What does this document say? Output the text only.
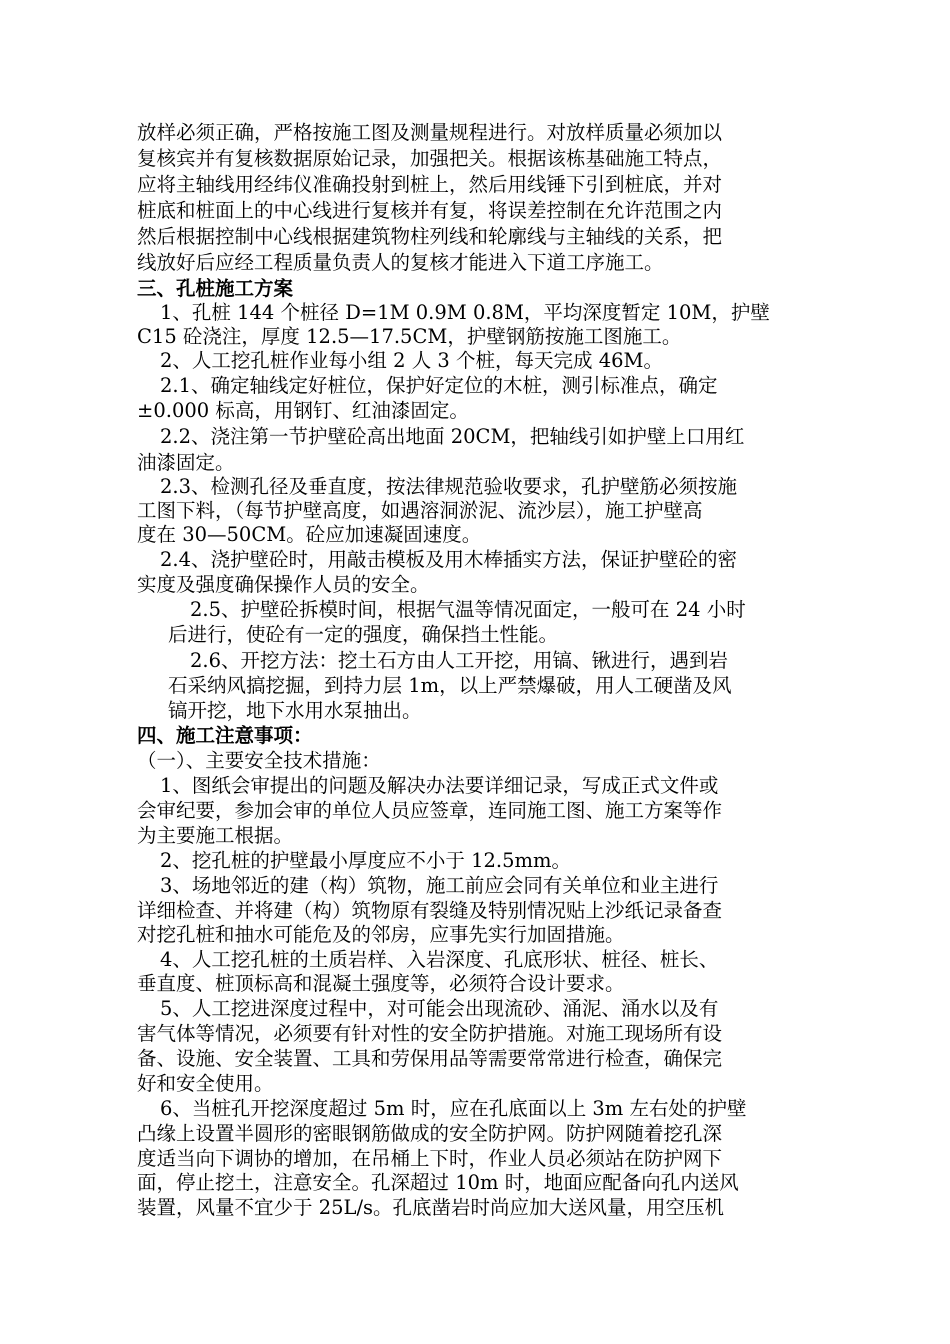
放样必须正确，严格按施工图及测量规程进行。对放样质量必须加以
复核宾并有复核数据原始记录，加强把关。根据该栋基础施工特点，
应将主轴线用经纬仪准确投射到桩上，然后用线锤下引到桩底，并对
桩底和桩面上的中心线进行复核并有复，将误差控制在允许范围之内
然后根据控制中心线根据建筑物柱列线和轮廓线与主轴线的关系，把
线放好后应经工程质量负责人的复核才能进入下道工序施工。
三、孔桩施工方案
1、孔桩 144 个桩径 D=1M 0.9M 0.8M，平均深度暂定 10M，护壁
C15 砼浇注，厚度 12.5—17.5CM，护壁钢筋按施工图施工。
2、人工挖孔桩作业每小组 2 人 3 个桩，每天完成 46M。
2.1、确定轴线定好桩位，保护好定位的木桩，测引标准点，确定
±0.000 标高，用钢钉、红油漆固定。
2.2、浇注第一节护壁砼高出地面 20CM，把轴线引如护壁上口用红
油漆固定。
2.3、检测孔径及垂直度，按法律规范验收要求，孔护壁筋必须按施
工图下料，（每节护壁高度，如遇溶洞淤泥、流沙层），施工护壁高
度在 30—50CM。砼应加速凝固速度。
2.4、浇护壁砼时，用敲击模板及用木棒插实方法，保证护壁砼的密
实度及强度确保操作人员的安全。
2.5、护壁砼拆模时间，根据气温等情况面定，一般可在 24 小时
后进行，使砼有一定的强度，确保挡土性能。
2.6、开挖方法：挖土石方由人工开挖，用镐、锹进行，遇到岩
石采纳风搞挖掘，到持力层 1m，以上严禁爆破，用人工硬凿及风
镐开挖，地下水用水泵抽出。
四、施工注意事项：
（一）、主要安全技术措施：
1、图纸会审提出的问题及解决办法要详细记录，写成正式文件或
会审纪要，参加会审的单位人员应签章，连同施工图、施工方案等作
为主要施工根据。
2、挖孔桩的护壁最小厚度应不小于 12.5mm。
3、场地邻近的建（构）筑物，施工前应会同有关单位和业主进行
详细检查、并将建（构）筑物原有裂缝及特别情况贴上沙纸记录备查
对挖孔桩和抽水可能危及的邻房，应事先实行加固措施。
4、人工挖孔桩的土质岩样、入岩深度、孔底形状、桩径、桩长、
垂直度、桩顶标高和混凝土强度等，必须符合设计要求。
5、人工挖进深度过程中，对可能会出现流砂、涌泥、涌水以及有
害气体等情况，必须要有针对性的安全防护措施。对施工现场所有设
备、设施、安全装置、工具和劳保用品等需要常常进行检查，确保完
好和安全使用。
6、当桩孔开挖深度超过 5m 时，应在孔底面以上 3m 左右处的护壁
凸缘上设置半圆形的密眼钢筋做成的安全防护网。防护网随着挖孔深
度适当向下调协的增加，在吊桶上下时，作业人员必须站在防护网下
面，停止挖土，注意安全。孔深超过 10m 时，地面应配备向孔内送风
装置，风量不宜少于 25L/s。孔底凿岩时尚应加大送风量，用空压机
